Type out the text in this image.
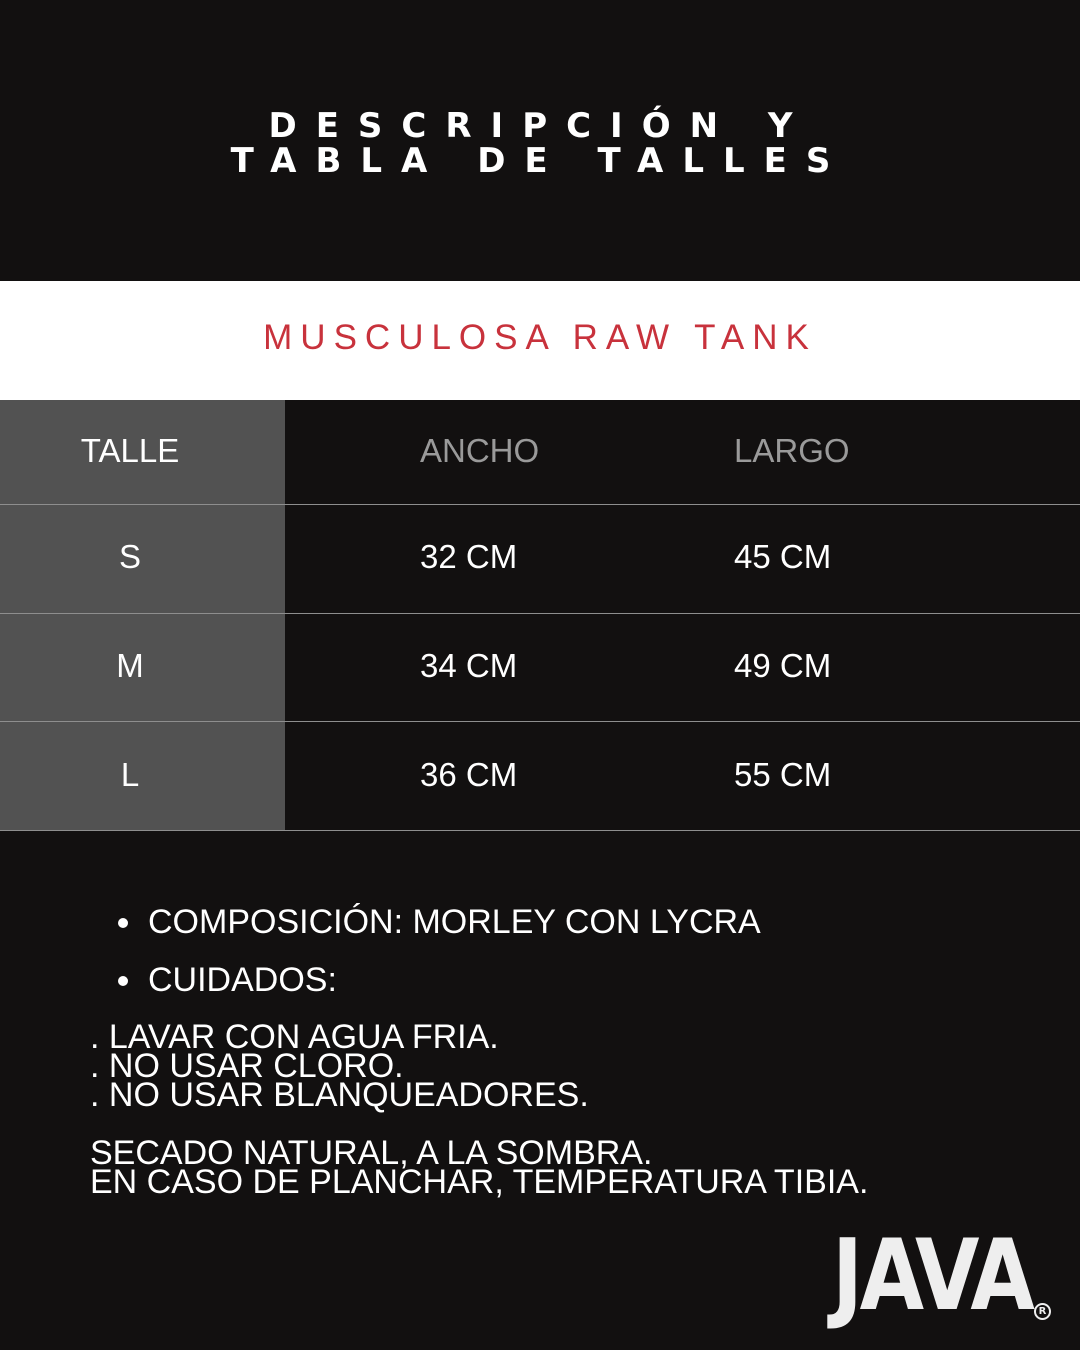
DESCRIPCIÓN Y
TABLA DE TALLES
MUSCULOSA RAW TANK
TALLE	ANCHO	LARGO
S	32 CM	45 CM
M	34 CM	49 CM
L	36 CM	55 CM
COMPOSICIÓN: MORLEY CON LYCRA
CUIDADOS:
. LAVAR CON AGUA FRIA.
. NO USAR CLORO.
. NO USAR BLANQUEADORES.
SECADO NATURAL, A LA SOMBRA.
EN CASO DE PLANCHAR, TEMPERATURA TIBIA.
JAVA R
